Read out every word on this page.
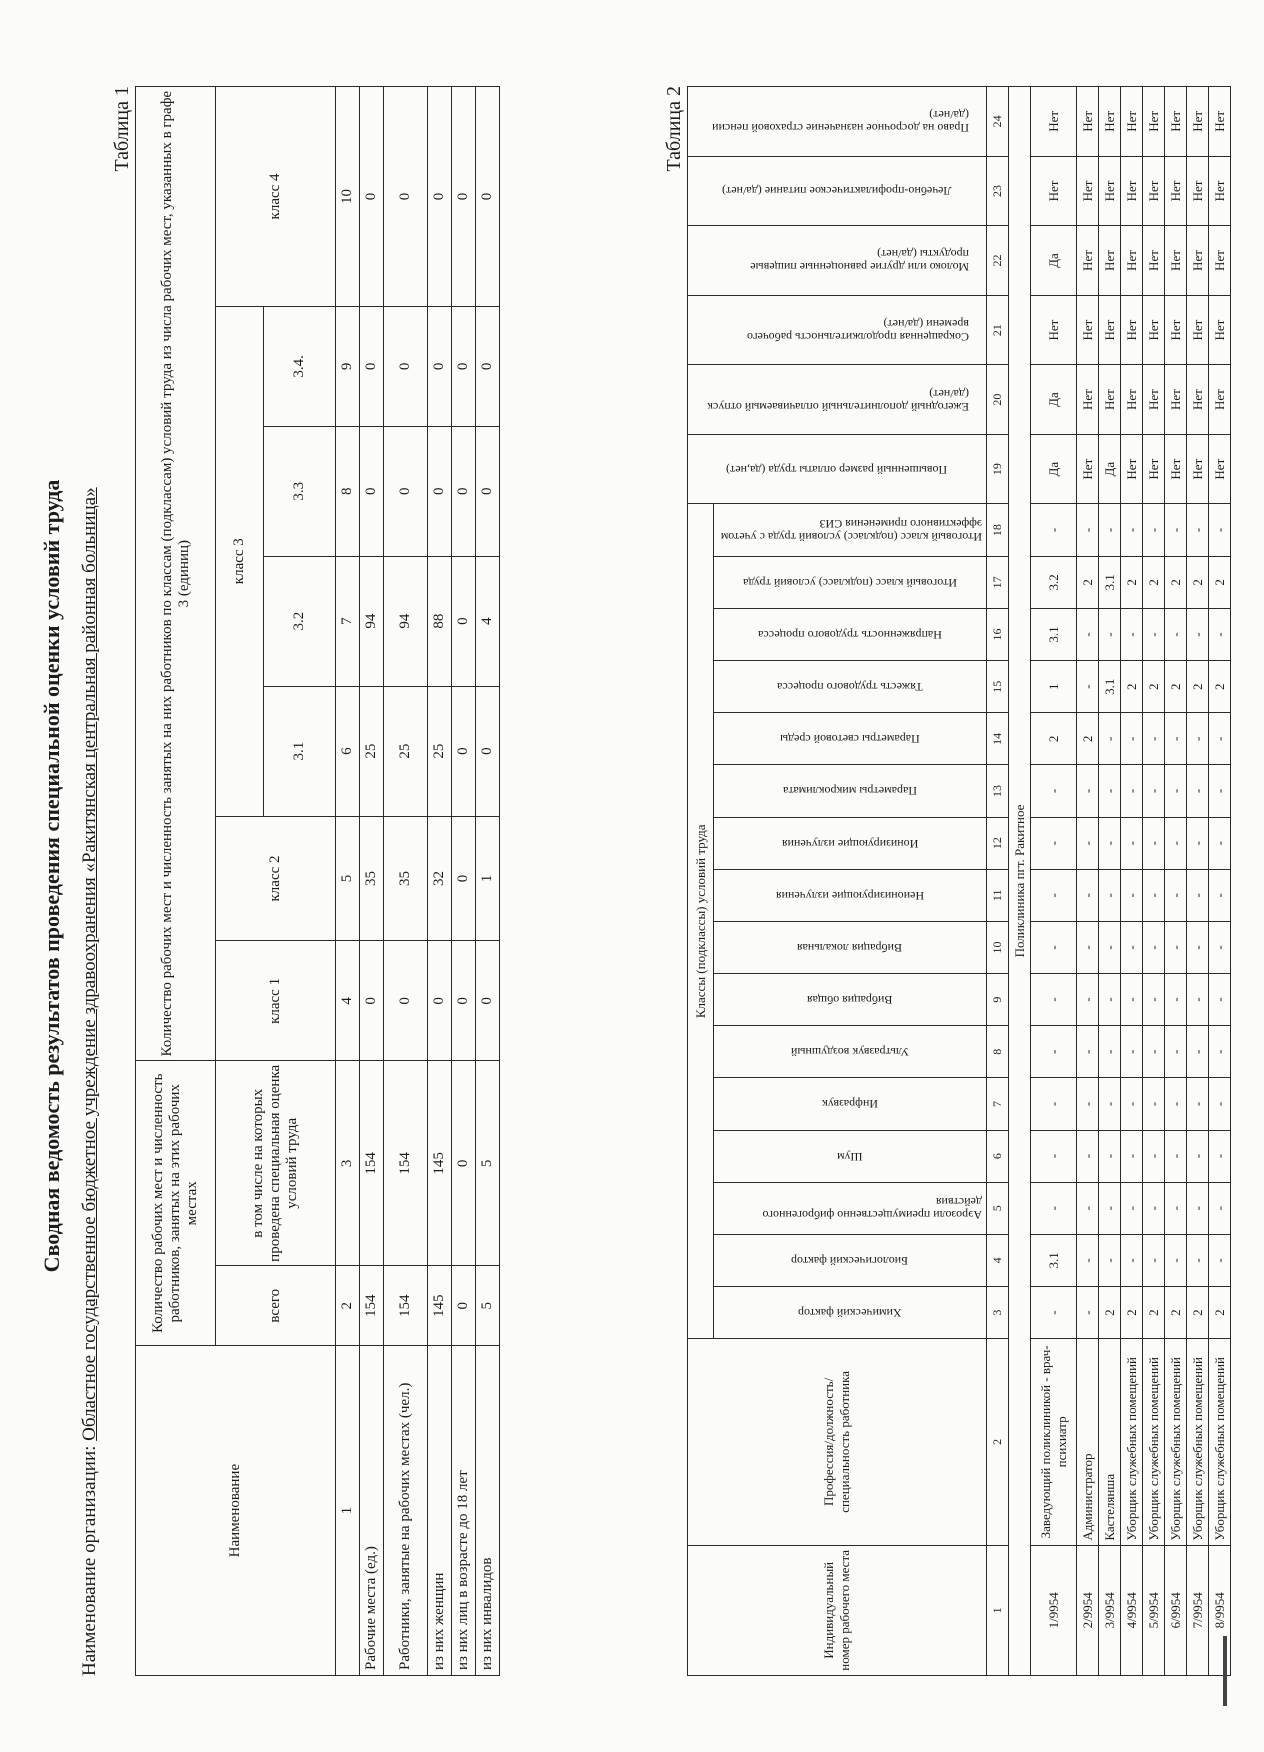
Сводная ведомость результатов проведения специальной оценки условий труда
Наименование организации: Областное государственное бюджетное учреждение здравоохранения «Ракитянская центральная районная больница»
Таблица 1
Наименование	Количество рабочих мест и численность работников, занятых на этих рабочих местах		Количество рабочих мест и численность занятых на них работников по классам (подклассам) условий труда из числа рабочих мест, указанных в графе 3 (единиц)						
	всего	в том числе на которых проведена специальная оценка условий труда	класс 1	класс 2	класс 3				класс 4
					3.1	3.2	3.3	3.4.	
1	2	3	4	5	6	7	8	9	10
Рабочие места (ед.)	154	154	0	35	25	94	0	0	0
Работники, занятые на рабочих местах (чел.)	154	154	0	35	25	94	0	0	0
из них женщин	145	145	0	32	25	88	0	0	0
из них лиц в возрасте до 18 лет	0	0	0	0	0	0	0	0	0
из них инвалидов	5	5	0	1	0	4	0	0	0
Таблица 2
Индивидуальный номер рабочего места	Профессия/должность/специальность работника	Классы (подклассы) условий труда																Повышенный размер оплаты труда (да,нет)	Ежегодный дополнительный оплачиваемый отпуск (да/нет)	Сокращенная продолжительность рабочего времени (да/нет)	Молоко или другие равноценные пищевые продукты (да/нет)	Лечебно-профилактическое питание (да/нет)	Право на досрочное назначение страховой пенсии (да/нет)

		Химический фактор	Биологический фактор	Аэрозоли преимущественно фиброгенного действия	Шум	Инфразвук	Ультразвук воздушный	Вибрация общая	Вибрация локальная	Неионизирующие излучения	Ионизирующие излучения	Параметры микроклимата	Параметры световой среды	Тяжесть трудового процесса	Напряженность трудового процесса	Итоговый класс (подкласс) условий труда	Итоговый класс (подкласс) условий труда с учетом эффективного применения СИЗ						

1	2	3	4	5	6	7	8	9	10	11	12	13	14	15	16	17	18	19	20	21	22	23	24
Поликлиника пгт. Ракитное																							
1/9954	Заведующий поликлиникой - врач-психиатр	-	3.1	-	-	-	-	-	-	-	-	-	2	1	3.1	3.2	-	Да	Да	Нет	Да	Нет	Нет
2/9954	Администратор	-	-	-	-	-	-	-	-	-	-	-	2	-	-	2	-	Нет	Нет	Нет	Нет	Нет	Нет
3/9954	Кастелянша	2	-	-	-	-	-	-	-	-	-	-	-	3.1	-	3.1	-	Да	Нет	Нет	Нет	Нет	Нет
4/9954	Уборщик служебных помещений	2	-	-	-	-	-	-	-	-	-	-	-	2	-	2	-	Нет	Нет	Нет	Нет	Нет	Нет
5/9954	Уборщик служебных помещений	2	-	-	-	-	-	-	-	-	-	-	-	2	-	2	-	Нет	Нет	Нет	Нет	Нет	Нет
6/9954	Уборщик служебных помещений	2	-	-	-	-	-	-	-	-	-	-	-	2	-	2	-	Нет	Нет	Нет	Нет	Нет	Нет
7/9954	Уборщик служебных помещений	2	-	-	-	-	-	-	-	-	-	-	-	2	-	2	-	Нет	Нет	Нет	Нет	Нет	Нет
8/9954	Уборщик служебных помещений	2	-	-	-	-	-	-	-	-	-	-	-	2	-	2	-	Нет	Нет	Нет	Нет	Нет	Нет
